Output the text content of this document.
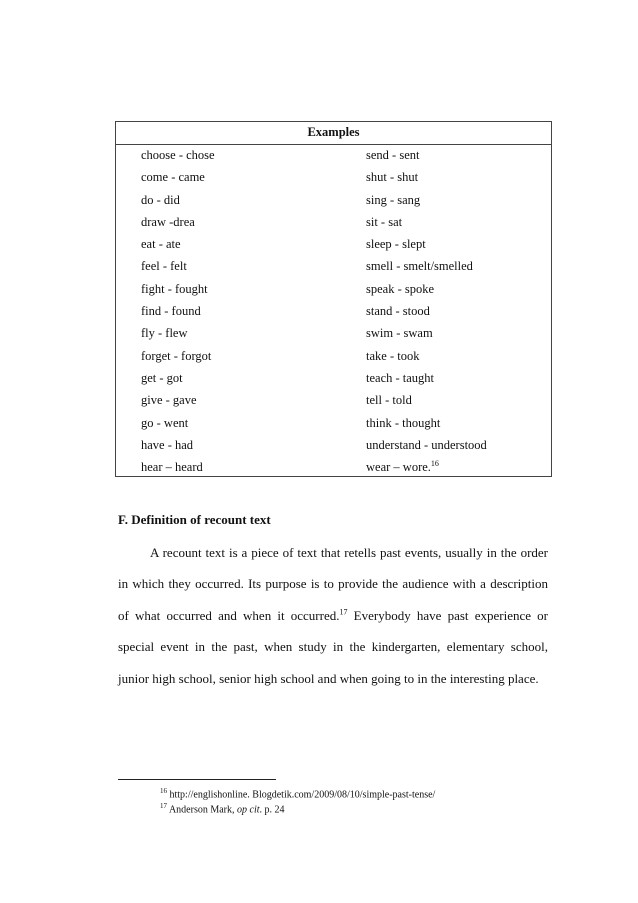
Examples
choose - chose	send - sent
come - came	shut - shut
do - did	sing - sang
draw -drea	sit - sat
eat - ate	sleep - slept
feel - felt	smell - smelt/smelled
fight - fought	speak - spoke
find - found	stand - stood
fly - flew	swim - swam
forget - forgot	take - took
get - got	teach - taught
give - gave	tell - told
go - went	think - thought
have - had	understand - understood
hear – heard	wear – wore.$^{16}$
F. Definition of recount text
A recount text is a piece of text that retells past events, usually in the order
in which they occurred. Its purpose is to provide the audience with a description
of what occurred and when it occurred.$^{17}$ Everybody have past experience or
special event in the past, when study in the kindergarten, elementary school,
junior high school, senior high school and when going to in the interesting place.
$^{16}$ http://englishonline. Blogdetik.com/2009/08/10/simple-past-tense/
$^{17}$ Anderson Mark, op cit. p. 24
